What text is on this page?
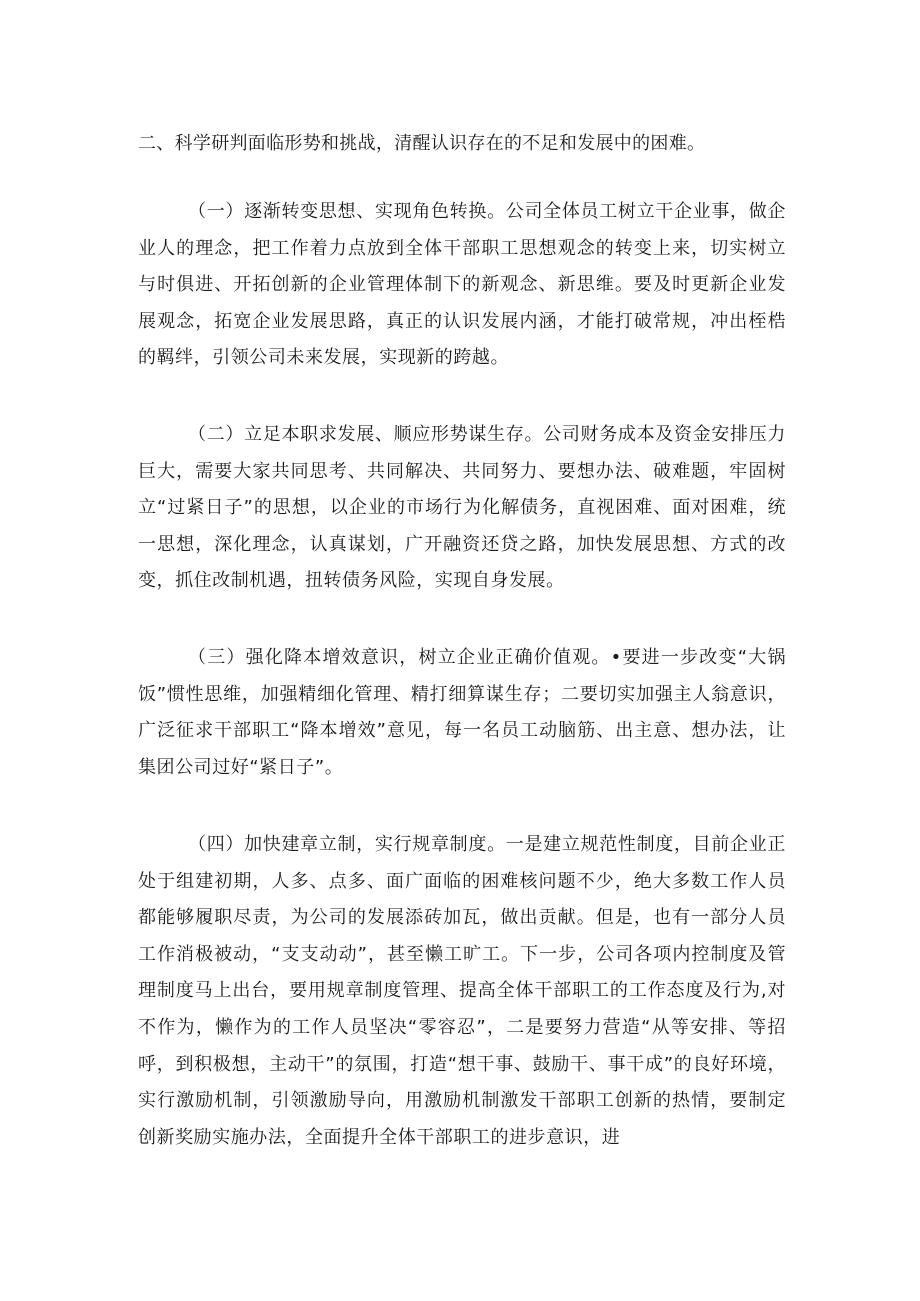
二、科学研判面临形势和挑战，清醒认识存在的不足和发展中的困难。

（一）逐渐转变思想、实现角色转换。公司全体员工树立干企业事，做企业人的理念，把工作着力点放到全体干部职工思想观念的转变上来，切实树立与时俱进、开拓创新的企业管理体制下的新观念、新思维。要及时更新企业发展观念，拓宽企业发展思路，真正的认识发展内涵，才能打破常规，冲出桎梏的羁绊，引领公司未来发展，实现新的跨越。

（二）立足本职求发展、顺应形势谋生存。公司财务成本及资金安排压力巨大，需要大家共同思考、共同解决、共同努力、要想办法、破难题，牢固树立“过紧日子”的思想，以企业的市场行为化解债务，直视困难、面对困难，统一思想，深化理念，认真谋划，广开融资还贷之路，加快发展思想、方式的改变，抓住改制机遇，扭转债务风险，实现自身发展。

（三）强化降本增效意识，树立企业正确价值观。•要进一步改变“大锅饭”惯性思维，加强精细化管理、精打细算谋生存；二要切实加强主人翁意识，广泛征求干部职工“降本增效”意见，每一名员工动脑筋、出主意、想办法，让集团公司过好“紧日子”。

（四）加快建章立制，实行规章制度。一是建立规范性制度，目前企业正处于组建初期，人多、点多、面广面临的困难核问题不少，绝大多数工作人员都能够履职尽责，为公司的发展添砖加瓦，做出贡献。但是，也有一部分人员工作消极被动，“支支动动”，甚至懒工旷工。下一步，公司各项内控制度及管理制度马上出台，要用规章制度管理、提高全体干部职工的工作态度及行为,对不作为，懒作为的工作人员坚决“零容忍”，二是要努力营造“从等安排、等招呼，到积极想，主动干”的氛围，打造“想干事、鼓励干、事干成”的良好环境，实行激励机制，引领激励导向，用激励机制激发干部职工创新的热情，要制定创新奖励实施办法，全面提升全体干部职工的进步意识，进
